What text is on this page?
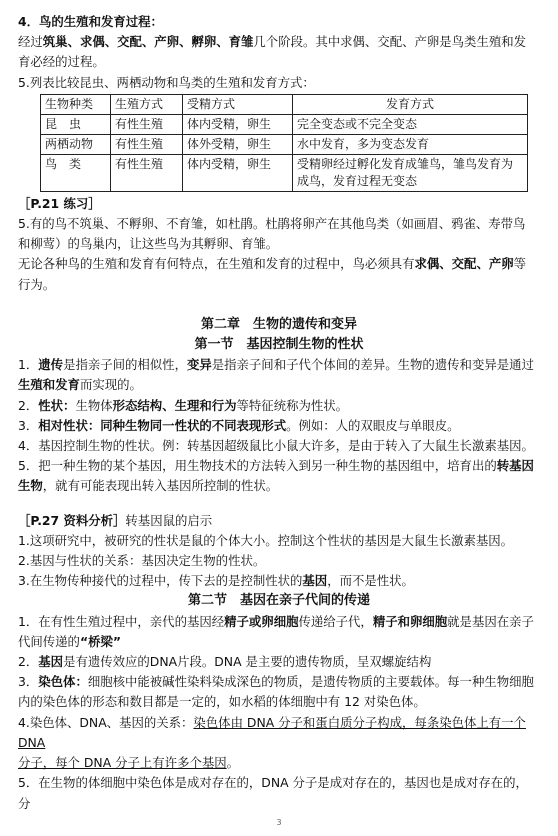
4．鸟的生殖和发育过程：

经过筑巢、求偶、交配、产卵、孵卵、育雏几个阶段。其中求偶、交配、产卵是鸟类生殖和发

育必经的过程。

5.列表比较昆虫、两栖动物和鸟类的生殖和发育方式：

生物种类	生殖方式	受精方式	发育方式
昆　虫	有性生殖	体内受精，卵生	完全变态或不完全变态
两栖动物	有性生殖	体外受精，卵生	水中发育，多为变态发育
鸟　类	有性生殖	体内受精，卵生	受精卵经过孵化发育成雏鸟，雏鸟发育为成鸟，发育过程无变态

［P.21 练习］

5.有的鸟不筑巢、不孵卵、不育雏，如杜鹃。杜鹃将卵产在其他鸟类（如画眉、鸦雀、寿带鸟

和柳莺）的鸟巢内，让这些鸟为其孵卵、育雏。

无论各种鸟的生殖和发育有何特点，在生殖和发育的过程中，鸟必须具有求偶、交配、产卵等

行为。

第二章　生物的遗传和变异

第一节　基因控制生物的性状

1．遗传是指亲子间的相似性，变异是指亲子间和子代个体间的差异。生物的遗传和变异是通过

生殖和发育而实现的。

2．性状：生物体形态结构、生理和行为等特征统称为性状。

3．相对性状：同种生物同一性状的不同表现形式。例如：人的双眼皮与单眼皮。

4．基因控制生物的性状。例：转基因超级鼠比小鼠大许多，是由于转入了大鼠生长激素基因。

5．把一种生物的某个基因，用生物技术的方法转入到另一种生物的基因组中，培育出的转基因

生物，就有可能表现出转入基因所控制的性状。

［P.27 资料分析］转基因鼠的启示

1.这项研究中，被研究的性状是鼠的个体大小。控制这个性状的基因是大鼠生长激素基因。

2.基因与性状的关系：基因决定生物的性状。

3.在生物传种接代的过程中，传下去的是控制性状的基因，而不是性状。

第二节　基因在亲子代间的传递

1．在有性生殖过程中，亲代的基因经精子或卵细胞传递给子代，精子和卵细胞就是基因在亲子

代间传递的“桥梁”

2．基因是有遗传效应的DNA片段。DNA 是主要的遗传物质，呈双螺旋结构

3．染色体：细胞核中能被碱性染料染成深色的物质，是遗传物质的主要载体。每一种生物细胞

内的染色体的形态和数目都是一定的，如水稻的体细胞中有 12 对染色体。

4.染色体、DNA、基因的关系：染色体由 DNA 分子和蛋白质分子构成，每条染色体上有一个 DNA

分子，每个 DNA 分子上有许多个基因。

5．在生物的体细胞中染色体是成对存在的，DNA 分子是成对存在的，基因也是成对存在的，分

3
